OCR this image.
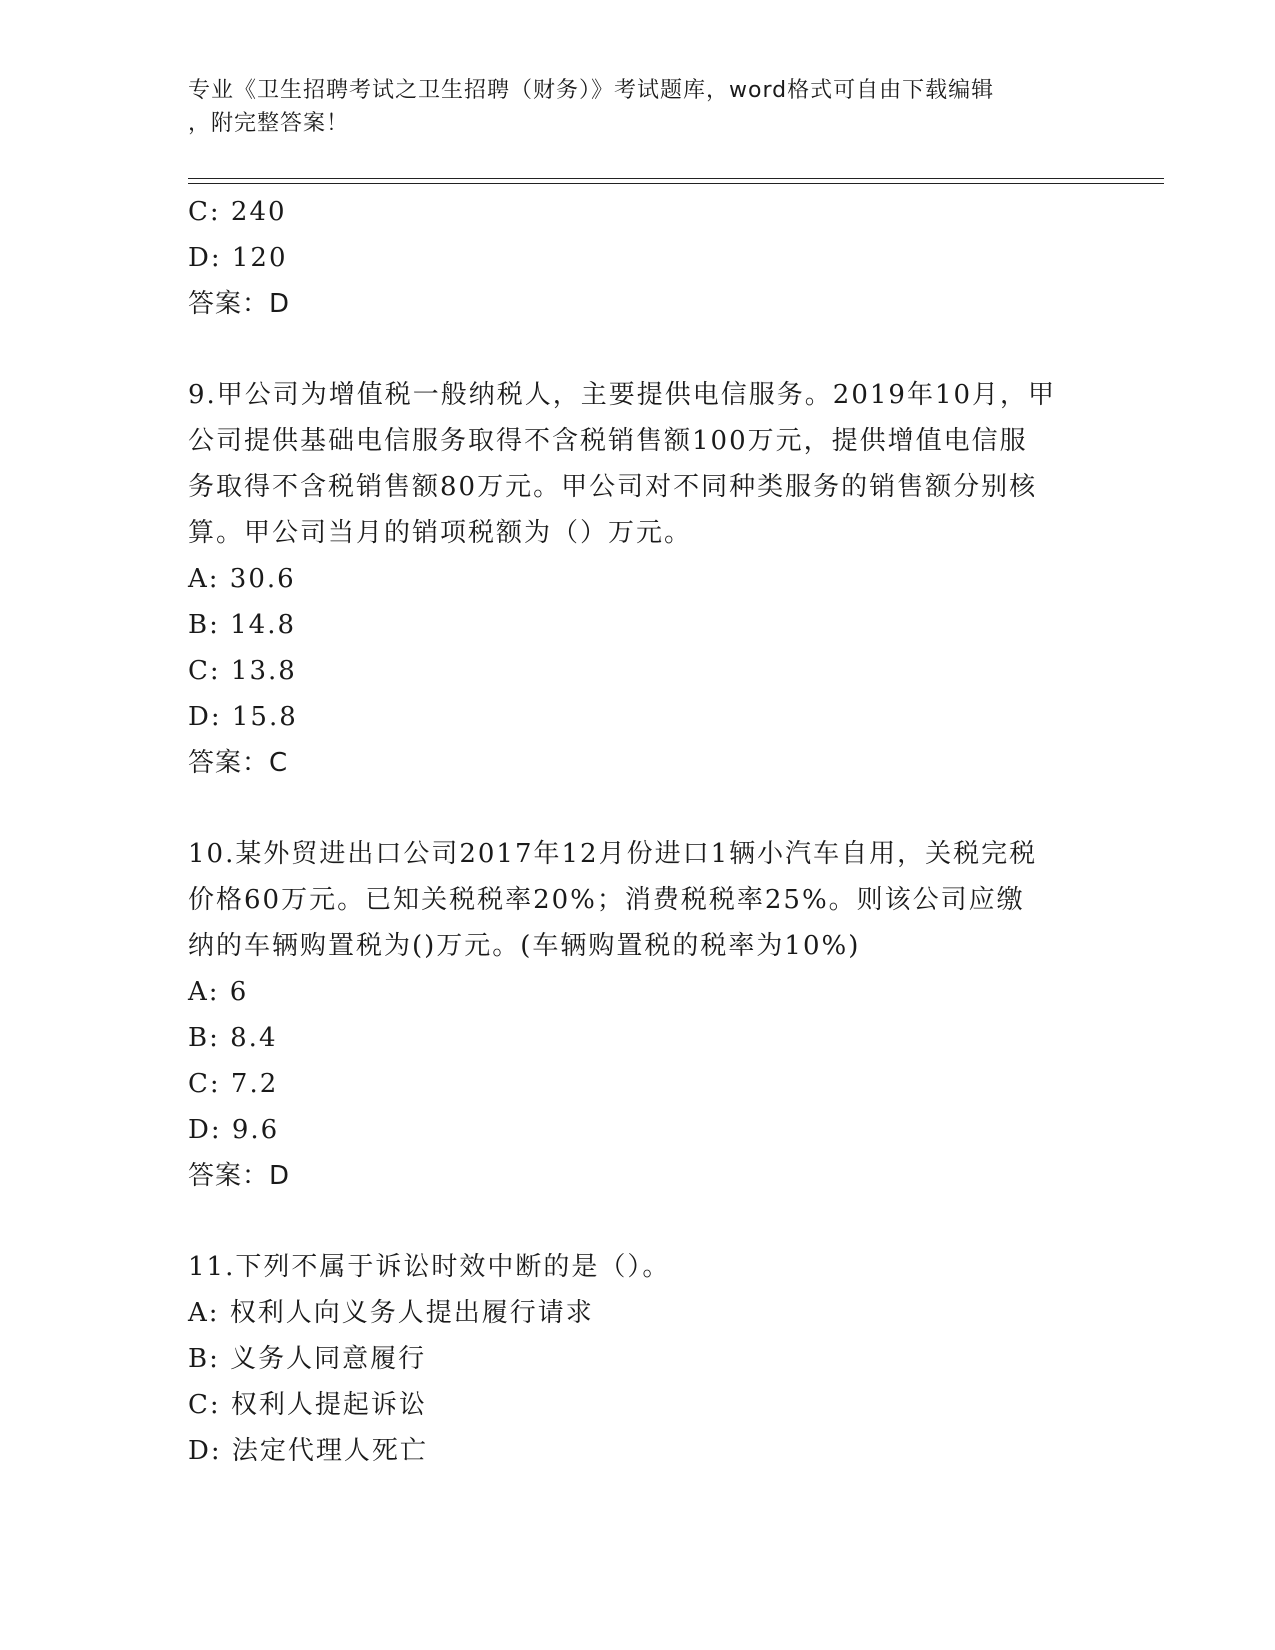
专业《卫生招聘考试之卫生招聘（财务）》考试题库，word格式可自由下载编辑
，附完整答案！
C: 240
D: 120
答案：D
9.甲公司为增值税一般纳税人，主要提供电信服务。2019年10月，甲
公司提供基础电信服务取得不含税销售额100万元，提供增值电信服
务取得不含税销售额80万元。甲公司对不同种类服务的销售额分别核
算。甲公司当月的销项税额为（）万元。
A: 30.6
B: 14.8
C: 13.8
D: 15.8
答案：C
10.某外贸进出口公司2017年12月份进口1辆小汽车自用，关税完税
价格60万元。已知关税税率20%；消费税税率25%。则该公司应缴
纳的车辆购置税为()万元。(车辆购置税的税率为10%)
A: 6
B: 8.4
C: 7.2
D: 9.6
答案：D
11.下列不属于诉讼时效中断的是（）。
A: 权利人向义务人提出履行请求
B: 义务人同意履行
C: 权利人提起诉讼
D: 法定代理人死亡
